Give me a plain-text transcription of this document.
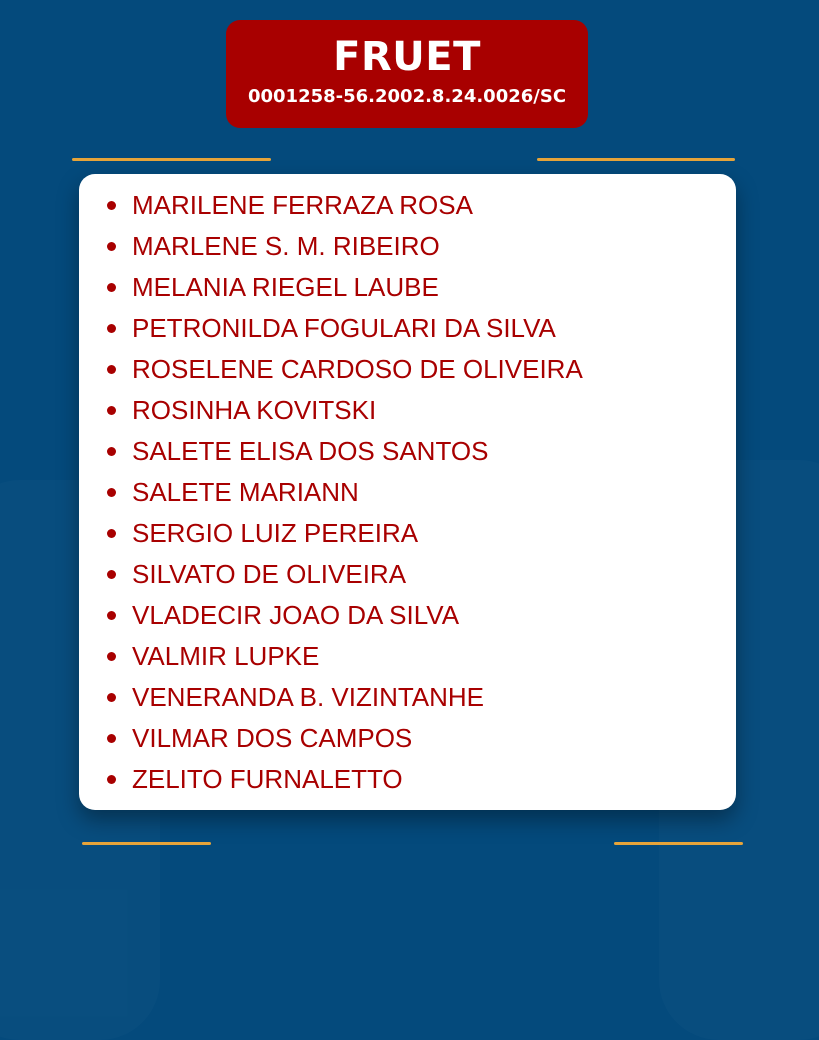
FRUET
0001258-56.2002.8.24.0026/SC
MARILENE FERRAZA ROSA
MARLENE S. M. RIBEIRO
MELANIA RIEGEL LAUBE
PETRONILDA FOGULARI DA SILVA
ROSELENE CARDOSO DE OLIVEIRA
ROSINHA KOVITSKI
SALETE ELISA DOS SANTOS
SALETE MARIANN
SERGIO LUIZ PEREIRA
SILVATO DE OLIVEIRA
VLADECIR JOAO DA SILVA
VALMIR LUPKE
VENERANDA B. VIZINTANHE
VILMAR DOS CAMPOS
ZELITO FURNALETTO
